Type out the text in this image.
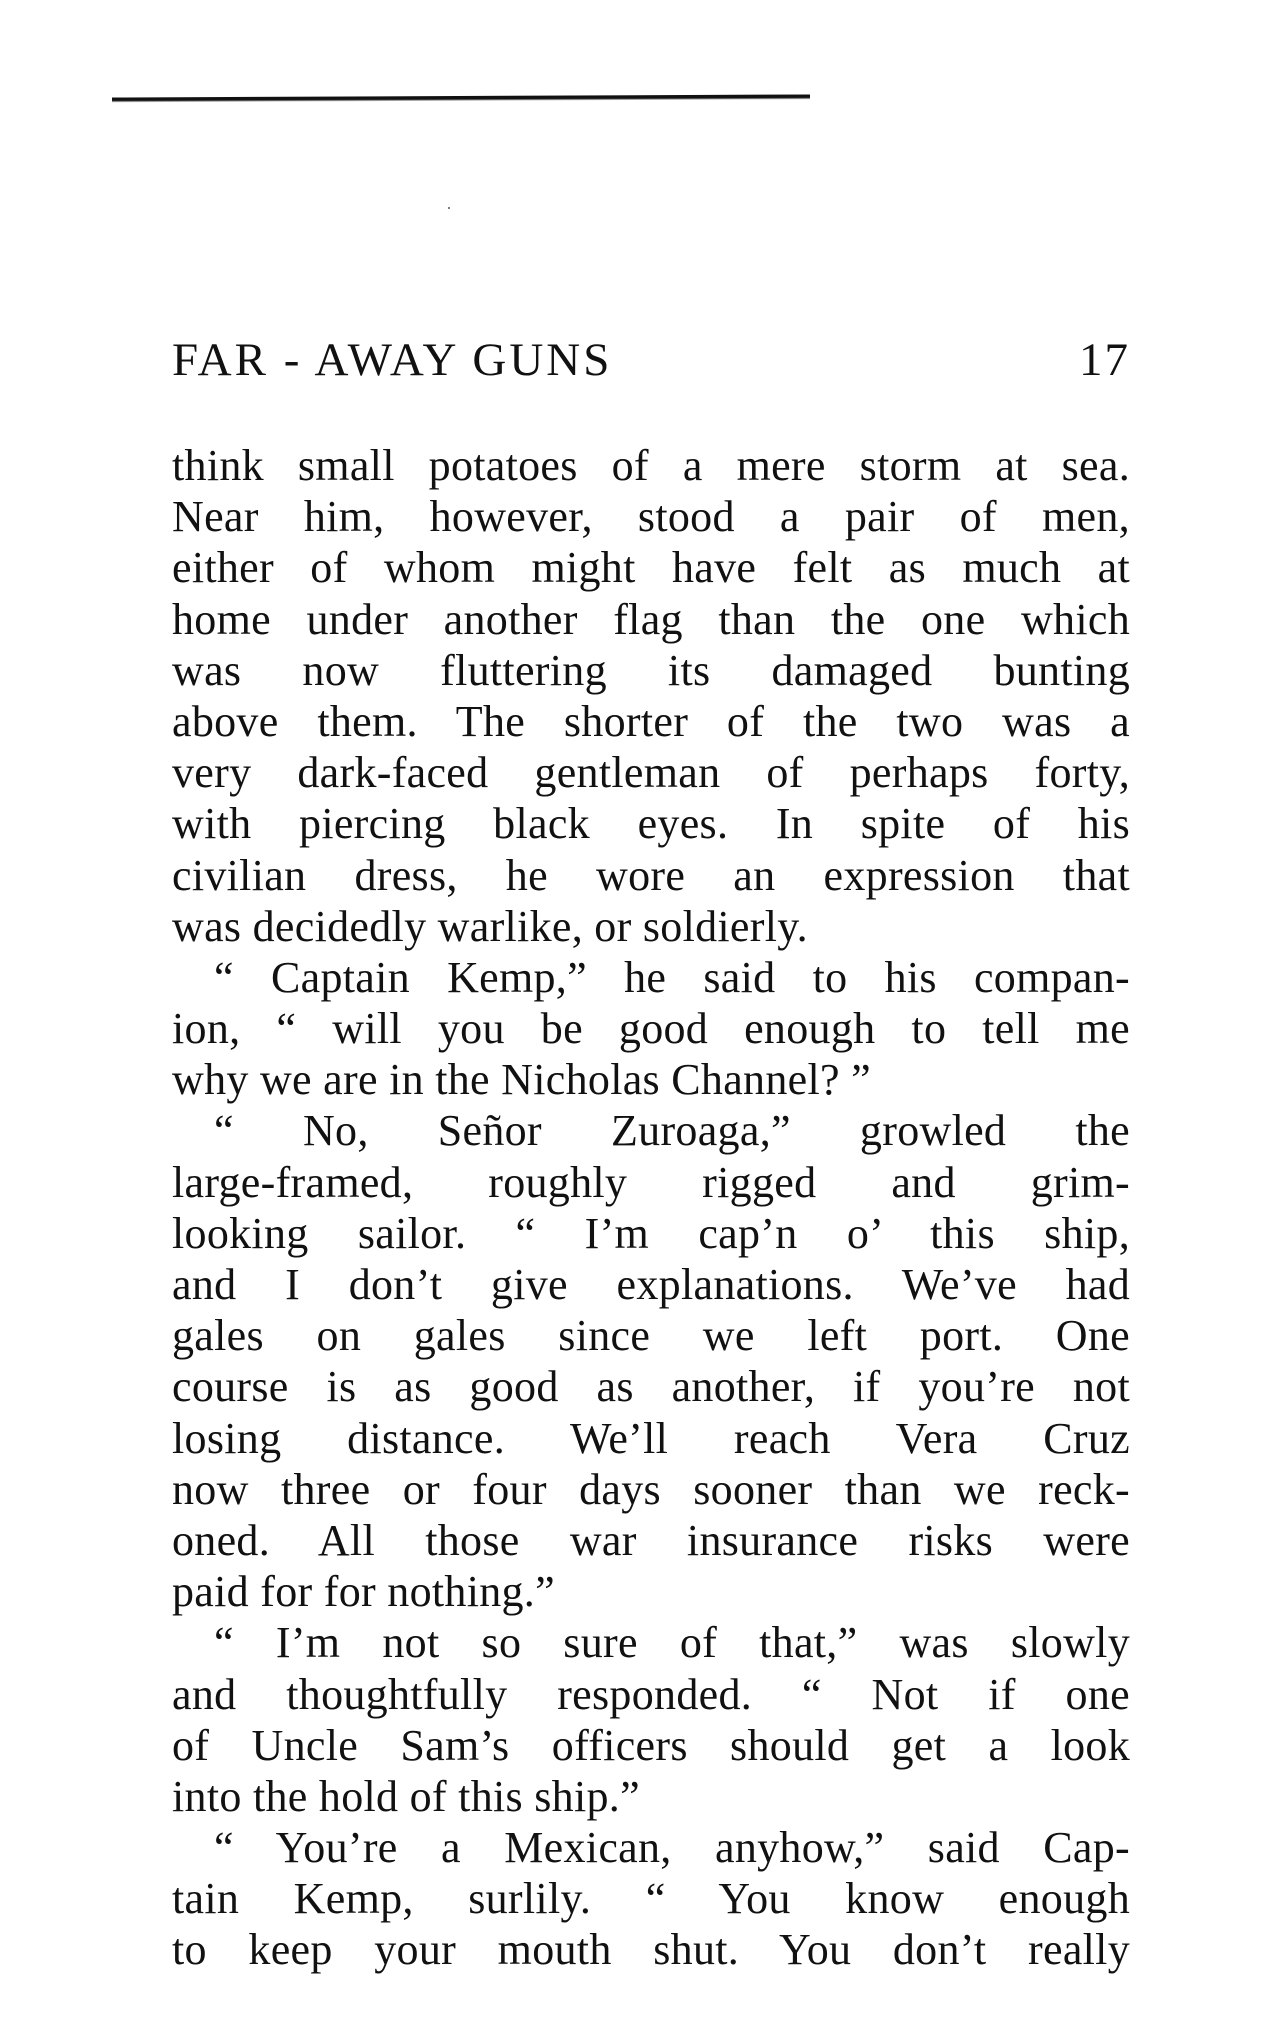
FAR - AWAY GUNS	17
think small potatoes of a mere storm at sea.
Near him, however, stood a pair of men,
either of whom might have felt as much at
home under another flag than the one which
was now fluttering its damaged bunting
above them. The shorter of the two was a
very dark-faced gentleman of perhaps forty,
with piercing black eyes. In spite of his
civilian dress, he wore an expression that
was decidedly warlike, or soldierly.
“ Captain Kemp,” he said to his compan-
ion, “ will you be good enough to tell me
why we are in the Nicholas Channel? ”
“ No, Señor Zuroaga,” growled the
large-framed, roughly rigged and grim-
looking sailor. “ I’m cap’n o’ this ship,
and I don’t give explanations. We’ve had
gales on gales since we left port. One
course is as good as another, if you’re not
losing distance. We’ll reach Vera Cruz
now three or four days sooner than we reck-
oned. All those war insurance risks were
paid for for nothing.”
“ I’m not so sure of that,” was slowly
and thoughtfully responded. “ Not if one
of Uncle Sam’s officers should get a look
into the hold of this ship.”
“ You’re a Mexican, anyhow,” said Cap-
tain Kemp, surlily. “ You know enough
to keep your mouth shut. You don’t really
